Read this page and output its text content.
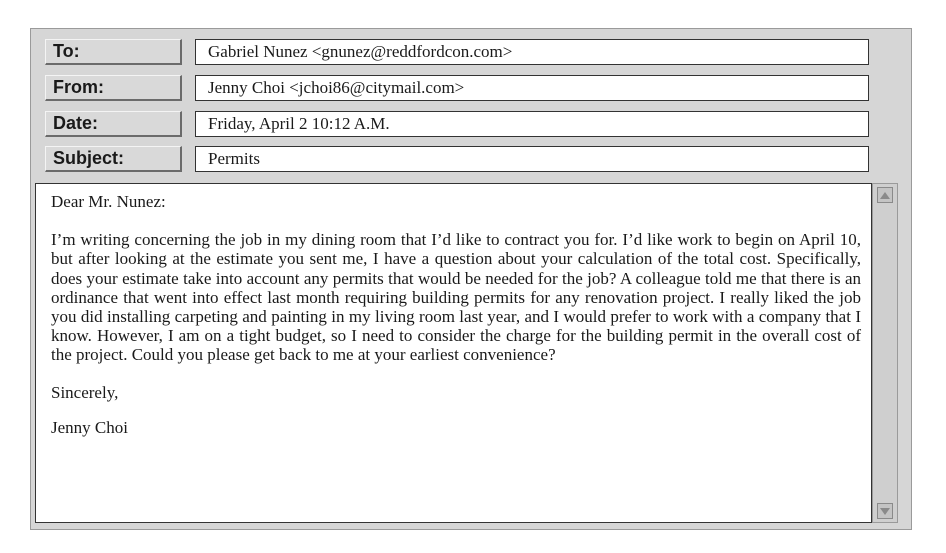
To:	Gabriel Nunez <gnunez@reddfordcon.com>
From:	Jenny Choi <jchoi86@citymail.com>
Date:	Friday, April 2 10:12 A.M.
Subject:	Permits

Dear Mr. Nunez:

I’m writing concerning the job in my dining room that I’d like to contract you for. I’d like work to begin on April 10, but after looking at the estimate you sent me, I have a question about your calculation of the total cost. Specifically, does your estimate take into account any permits that would be needed for the job? A colleague told me that there is an ordinance that went into effect last month requiring building permits for any renovation project. I really liked the job you did installing carpeting and painting in my living room last year, and I would prefer to work with a company that I know. However, I am on a tight budget, so I need to consider the charge for the building permit in the overall cost of the project. Could you please get back to me at your earliest convenience?

Sincerely,

Jenny Choi
